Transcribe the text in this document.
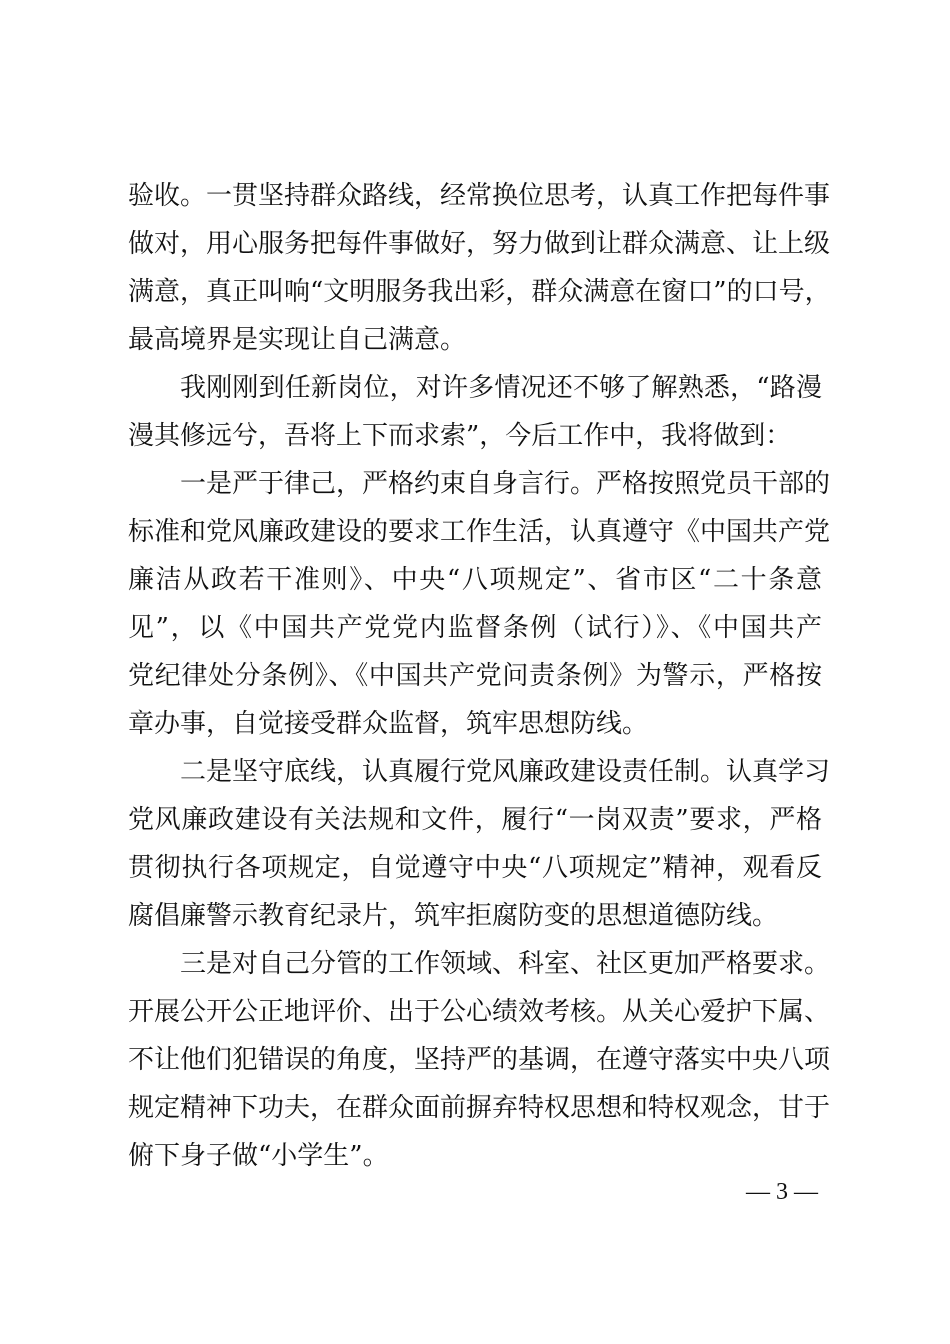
验收。一贯坚持群众路线，经常换位思考，认真工作把每件事
做对，用心服务把每件事做好，努力做到让群众满意、让上级
满意，真正叫响“文明服务我出彩，群众满意在窗口”的口号，
最高境界是实现让自己满意。
我刚刚到任新岗位，对许多情况还不够了解熟悉，“路漫
漫其修远兮，吾将上下而求索”，今后工作中，我将做到：
一是严于律己，严格约束自身言行。严格按照党员干部的
标准和党风廉政建设的要求工作生活，认真遵守《中国共产党
廉洁从政若干准则》、中央“八项规定”、省市区“二十条意
见”，以《中国共产党党内监督条例（试行）》、《中国共产
党纪律处分条例》、《中国共产党问责条例》为警示，严格按
章办事，自觉接受群众监督，筑牢思想防线。
二是坚守底线，认真履行党风廉政建设责任制。认真学习
党风廉政建设有关法规和文件，履行“一岗双责”要求，严格
贯彻执行各项规定，自觉遵守中央“八项规定”精神，观看反
腐倡廉警示教育纪录片，筑牢拒腐防变的思想道德防线。
三是对自己分管的工作领域、科室、社区更加严格要求。
开展公开公正地评价、出于公心绩效考核。从关心爱护下属、
不让他们犯错误的角度，坚持严的基调，在遵守落实中央八项
规定精神下功夫，在群众面前摒弃特权思想和特权观念，甘于
俯下身子做“小学生”。
— 3 —
